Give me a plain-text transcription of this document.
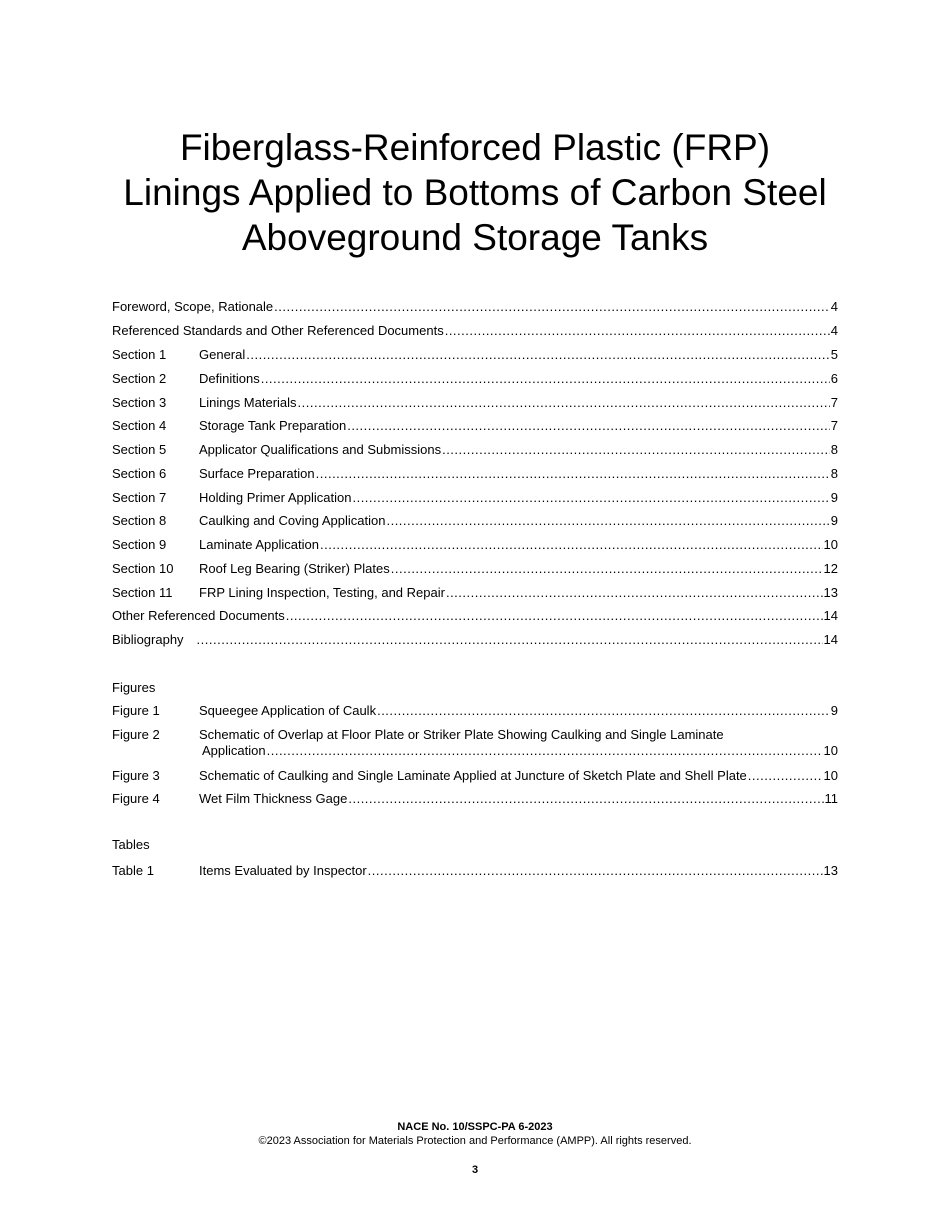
Fiberglass-Reinforced Plastic (FRP)
Linings Applied to Bottoms of Carbon Steel
Aboveground Storage Tanks
Foreword, Scope, Rationale .....	4
Referenced Standards and Other Referenced Documents .....	4
Section 1	General .....	5
Section 2	Definitions .....	6
Section 3	Linings Materials .....	7
Section 4	Storage Tank Preparation .....	7
Section 5	Applicator Qualifications and Submissions .....	8
Section 6	Surface Preparation .....	8
Section 7	Holding Primer Application .....	9
Section 8	Caulking and Coving Application .....	9
Section 9	Laminate Application .....	10
Section 10	Roof Leg Bearing (Striker) Plates .....	12
Section 11	FRP Lining Inspection, Testing, and Repair .....	13
Other Referenced Documents .....	14
Bibliography .....	14
Figures
Figure 1	Squeegee Application of Caulk .....	9
Figure 2	Schematic of Overlap at Floor Plate or Striker Plate Showing Caulking and Single Laminate
Application .....	10
Figure 3	Schematic of Caulking and Single Laminate Applied at Juncture of Sketch Plate and Shell Plate .....	10
Figure 4	Wet Film Thickness Gage .....	11
Tables
Table 1	Items Evaluated by Inspector .....	13
NACE No. 10/SSPC-PA 6-2023
©2023 Association for Materials Protection and Performance (AMPP). All rights reserved.
3
